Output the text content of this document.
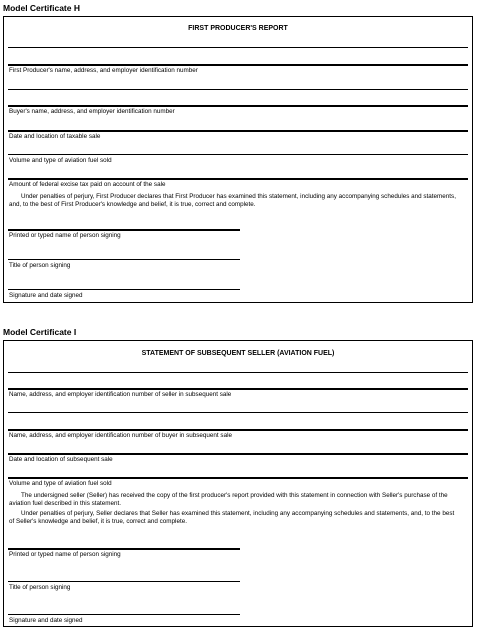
Model Certificate H
FIRST PRODUCER'S REPORT
First Producer's name, address, and employer identification number
Buyer's name, address, and employer identification number
Date and location of taxable sale
Volume and type of aviation fuel sold
Amount of federal excise tax paid on account of the sale

Under penalties of perjury, First Producer declares that First Producer has examined this statement, including any accompanying schedules and statements, and, to the best of First Producer's knowledge and belief, it is true, correct and complete.

Printed or typed name of person signing
Title of person signing
Signature and date signed
Model Certificate I
STATEMENT OF SUBSEQUENT SELLER (AVIATION FUEL)
Name, address, and employer identification number of seller in subsequent sale
Name, address, and employer identification number of buyer in subsequent sale
Date and location of subsequent sale
Volume and type of aviation fuel sold

The undersigned seller (Seller) has received the copy of the first producer's report provided with this statement in connection with Seller's purchase of the aviation fuel described in this statement.

Under penalties of perjury, Seller declares that Seller has examined this statement, including any accompanying schedules and statements, and, to the best of Seller's knowledge and belief, it is true, correct and complete.

Printed or typed name of person signing
Title of person signing
Signature and date signed
